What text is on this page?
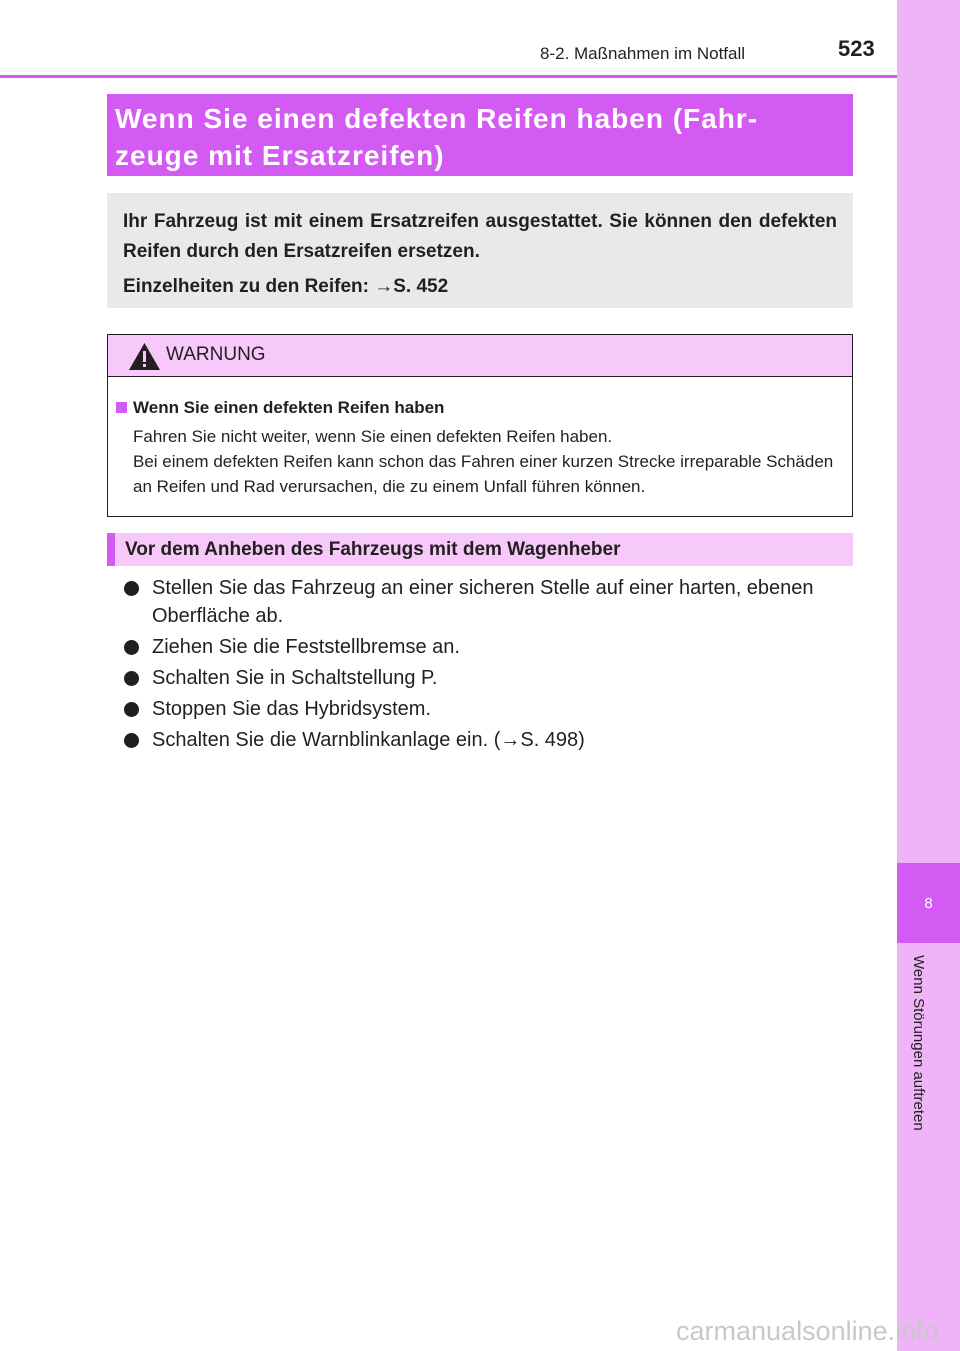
8
Wenn Störungen auftreten
8-2. Maßnahmen im Notfall	523
Wenn Sie einen defekten Reifen haben (Fahr-
zeuge mit Ersatzreifen)

Ihr Fahrzeug ist mit einem Ersatzreifen ausgestattet. Sie können den defekten Reifen durch den Ersatzreifen ersetzen.

Einzelheiten zu den Reifen: →S. 452

WARNUNG
Wenn Sie einen defekten Reifen haben
Fahren Sie nicht weiter, wenn Sie einen defekten Reifen haben.
Bei einem defekten Reifen kann schon das Fahren einer kurzen Strecke irreparable Schäden an Reifen und Rad verursachen, die zu einem Unfall führen können.
Vor dem Anheben des Fahrzeugs mit dem Wagenheber
Stellen Sie das Fahrzeug an einer sicheren Stelle auf einer harten, ebenen Oberfläche ab.
Ziehen Sie die Feststellbremse an.
Schalten Sie in Schaltstellung P.
Stoppen Sie das Hybridsystem.
Schalten Sie die Warnblinkanlage ein. (→S. 498)
carmanualsonline.info
